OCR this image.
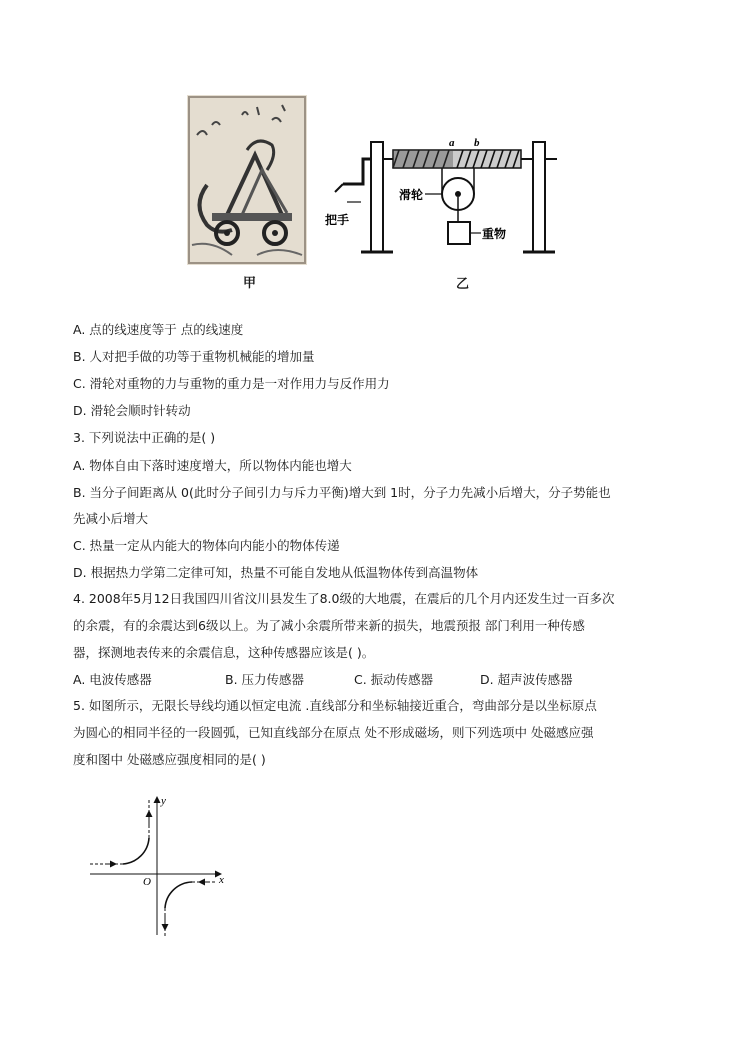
甲
a b
把手
滑轮
重物
乙
A. 点的线速度等于 点的线速度
B. 人对把手做的功等于重物机械能的增加量
C. 滑轮对重物的力与重物的重力是一对作用力与反作用力
D. 滑轮会顺时针转动
3. 下列说法中正确的是( )
A. 物体自由下落时速度增大，所以物体内能也增大
B. 当分子间距离从 0(此时分子间引力与斥力平衡)增大到 1时，分子力先减小后增大，分子势能也
先减小后增大
C. 热量一定从内能大的物体向内能小的物体传递
D. 根据热力学第二定律可知，热量不可能自发地从低温物体传到高温物体
4. 2008年5月12日我国四川省汶川县发生了8.0级的大地震，在震后的几个月内还发生过一百多次
的余震，有的余震达到6级以上。为了减小余震所带来新的损失，地震预报 部门利用一种传感
器，探测地表传来的余震信息，这种传感器应该是( )。
A. 电波传感器	B. 压力传感器	C. 振动传感器	D. 超声波传感器
5. 如图所示，无限长导线均通以恒定电流 .直线部分和坐标轴接近重合，弯曲部分是以坐标原点
为圆心的相同半径的一段圆弧，已知直线部分在原点 处不形成磁场，则下列选项中 处磁感应强
度和图中 处磁感应强度相同的是( )
y
x
O
